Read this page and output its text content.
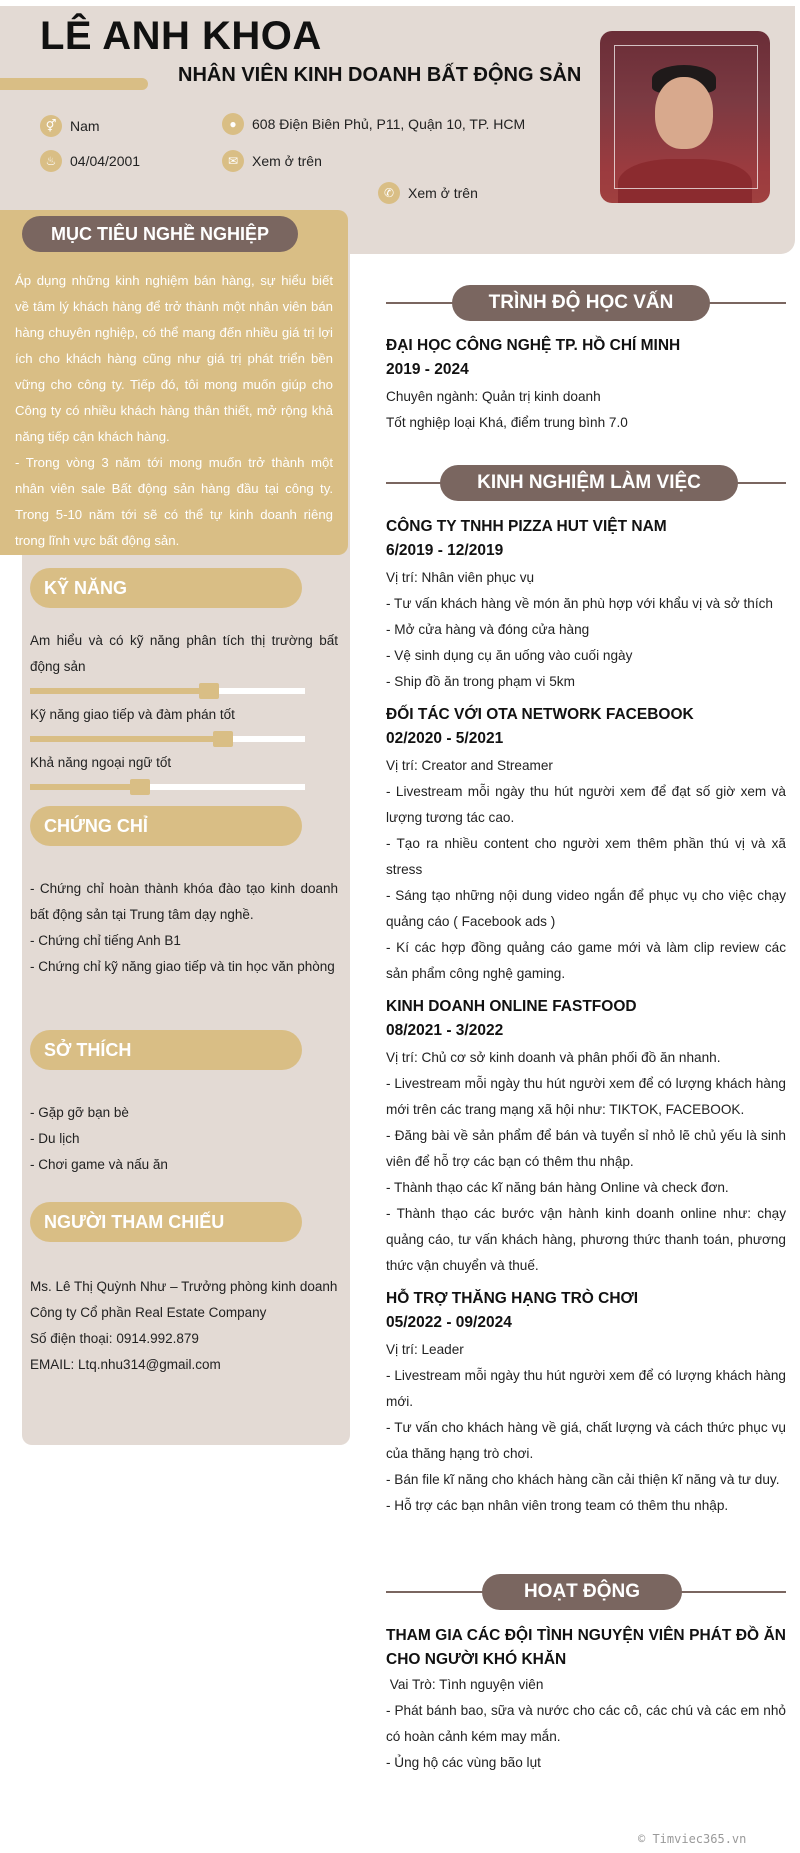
LÊ ANH KHOA
NHÂN VIÊN KINH DOANH BẤT ĐỘNG SẢN
⚥ Nam	●	608 Điện Biên Phủ, P11, Quận 10, TP. HCM
♨ 04/04/2001	✉ Xem ở trên
✆ Xem ở trên
MỤC TIÊU NGHỀ NGHIỆP
Áp dụng những kinh nghiệm bán hàng, sự hiểu biết về tâm lý khách hàng để trở thành một nhân viên bán hàng chuyên nghiệp, có thể mang đến nhiều giá trị lợi ích cho khách hàng cũng như giá trị phát triển bền vững cho công ty. Tiếp đó, tôi mong muốn giúp cho Công ty có nhiều khách hàng thân thiết, mở rộng khả năng tiếp cận khách hàng.
- Trong vòng 3 năm tới mong muốn trở thành một nhân viên sale Bất động sản hàng đầu tại công ty. Trong 5-10 năm tới sẽ có thể tự kinh doanh riêng trong lĩnh vực bất động sản.
KỸ NĂNG
Am hiểu và có kỹ năng phân tích thị trường bất động sản
Kỹ năng giao tiếp và đàm phán tốt
Khả năng ngoại ngữ tốt
CHỨNG CHỈ
- Chứng chỉ hoàn thành khóa đào tạo kinh doanh bất động sản tại Trung tâm dạy nghề.
- Chứng chỉ tiếng Anh B1
- Chứng chỉ kỹ năng giao tiếp và tin học văn phòng
SỞ THÍCH
- Gặp gỡ bạn bè
- Du lịch
- Chơi game và nấu ăn
NGƯỜI THAM CHIẾU
Ms. Lê Thị Quỳnh Như – Trưởng phòng kinh doanh
Công ty Cổ phần Real Estate Company
Số điện thoại: 0914.992.879
EMAIL: Ltq.nhu314@gmail.com
TRÌNH ĐỘ HỌC VẤN
ĐẠI HỌC CÔNG NGHỆ TP. HỒ CHÍ MINH
2019 - 2024
Chuyên ngành: Quản trị kinh doanh
Tốt nghiệp loại Khá, điểm trung bình 7.0
KINH NGHIỆM LÀM VIỆC
CÔNG TY TNHH PIZZA HUT VIỆT NAM
6/2019 - 12/2019
Vị trí: Nhân viên phục vụ
- Tư vấn khách hàng về món ăn phù hợp với khẩu vị và sở thích
- Mở cửa hàng và đóng cửa hàng
- Vệ sinh dụng cụ ăn uống vào cuối ngày
- Ship đồ ăn trong phạm vi 5km
ĐỐI TÁC VỚI OTA NETWORK FACEBOOK
02/2020 - 5/2021
Vị trí: Creator and Streamer
- Livestream mỗi ngày thu hút người xem để đạt số giờ xem và lượng tương tác cao.
- Tạo ra nhiều content cho người xem thêm phần thú vị và xã stress
- Sáng tạo những nội dung video ngắn để phục vụ cho việc chạy quảng cáo ( Facebook ads )
- Kí các hợp đồng quảng cáo game mới và làm clip review các sản phẩm công nghệ gaming.
KINH DOANH ONLINE FASTFOOD
08/2021 - 3/2022
Vị trí: Chủ cơ sở kinh doanh và phân phối đồ ăn nhanh.
- Livestream mỗi ngày thu hút người xem để có lượng khách hàng mới trên các trang mạng xã hội như: TIKTOK, FACEBOOK.
- Đăng bài về sản phẩm để bán và tuyển sỉ nhỏ lẽ chủ yếu là sinh viên để hỗ trợ các bạn có thêm thu nhập.
- Thành thạo các kĩ năng bán hàng Online và check đơn.
- Thành thạo các bước vận hành kinh doanh online như: chạy quảng cáo, tư vấn khách hàng, phương thức thanh toán, phương thức vận chuyển và thuế.
HỖ TRỢ THĂNG HẠNG TRÒ CHƠI
05/2022 - 09/2024
Vị trí: Leader
- Livestream mỗi ngày thu hút người xem để có lượng khách hàng mới.
- Tư vấn cho khách hàng về giá, chất lượng và cách thức phục vụ của thăng hạng trò chơi.
- Bán file kĩ năng cho khách hàng cần cải thiện kĩ năng và tư duy.
- Hỗ trợ các bạn nhân viên trong team có thêm thu nhập.
HOẠT ĐỘNG
THAM GIA CÁC ĐỘI TÌNH NGUYỆN VIÊN PHÁT ĐỒ ĂN CHO NGƯỜI KHÓ KHĂN
Vai Trò: Tình nguyện viên
- Phát bánh bao, sữa và nước cho các cô, các chú và các em nhỏ có hoàn cảnh kém may mắn.
- Ủng hộ các vùng bão lụt
© Timviec365.vn
